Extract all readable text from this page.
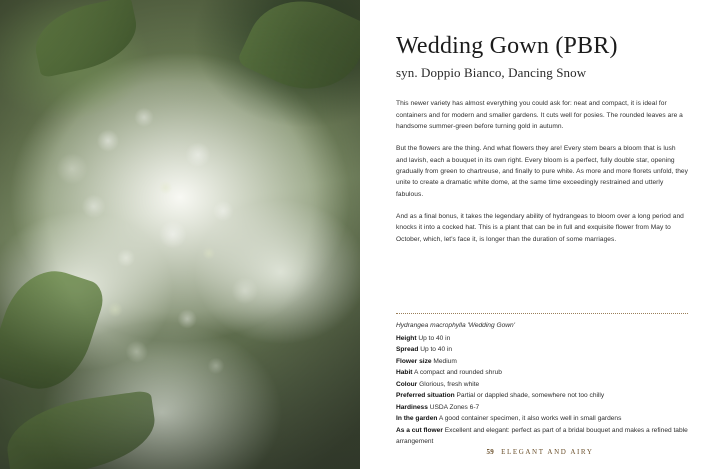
Wedding Gown (PBR)
syn. Doppio Bianco, Dancing Snow

This newer variety has almost everything you could ask for: neat and compact, it is ideal for containers and for modern and smaller gardens. It cuts well for posies. The rounded leaves are a handsome summer-green before turning gold in autumn.

But the flowers are the thing. And what flowers they are! Every stem bears a bloom that is lush and lavish, each a bouquet in its own right. Every bloom is a perfect, fully double star, opening gradually from green to chartreuse, and finally to pure white. As more and more florets unfold, they unite to create a dramatic white dome, at the same time exceedingly restrained and utterly fabulous.

And as a final bonus, it takes the legendary ability of hydrangeas to bloom over a long period and knocks it into a cocked hat. This is a plant that can be in full and exquisite flower from May to October, which, let's face it, is longer than the duration of some marriages.

Hydrangea macrophylla 'Wedding Gown'
Height Up to 40 in
Spread Up to 40 in
Flower size Medium
Habit A compact and rounded shrub
Colour Glorious, fresh white
Preferred situation Partial or dappled shade, somewhere not too chilly
Hardiness USDA Zones 6-7
In the garden A good container specimen, it also works well in small gardens
As a cut flower Excellent and elegant: perfect as part of a bridal bouquet and makes a refined table arrangement
59 ELEGANT AND AIRY
